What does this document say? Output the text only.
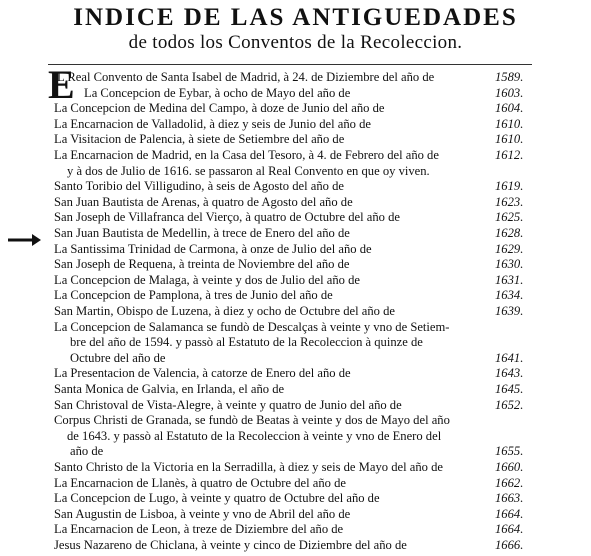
INDICE DE LAS ANTIGUEDADES
de todos los Conventos de la Recoleccion.
E
L Real Convento de Santa Isabel de Madrid, à 24. de Diziembre del año de
La Concepcion de Eybar, à ocho de Mayo del año de
La Concepcion de Medina del Campo, à doze de Junio del año de
La Encarnacion de Valladolid, à diez y seis de Junio del año de
La Visitacion de Palencia, à siete de Setiembre del año de
La Encarnacion de Madrid, en la Casa del Tesoro, à 4. de Febrero del año de
y à dos de Julio de 1616. se passaron al Real Convento en que oy viven.
Santo Toribio del Villigudino, à seis de Agosto del año de
San Juan Bautista de Arenas, à quatro de Agosto del año de
San Joseph de Villafranca del Vierço, à quatro de Octubre del año de
San Juan Bautista de Medellin, à trece de Enero del año de
La Santissima Trinidad de Carmona, à onze de Julio del año de
San Joseph de Requena, à treinta de Noviembre del año de
La Concepcion de Malaga, à veinte y dos de Julio del año de
La Concepcion de Pamplona, à tres de Junio del año de
San Martin, Obispo de Luzena, à diez y ocho de Octubre del año de
La Concepcion de Salamanca se fundò de Descalças à veinte y vno de Setiem-
bre del año de 1594. y passò al Estatuto de la Recoleccion à quinze de
Octubre del año de
La Presentacion de Valencia, à catorze de Enero del año de
Santa Monica de Galvia, en Irlanda, el año de
San Christoval de Vista-Alegre, à veinte y quatro de Junio del año de
Corpus Christi de Granada, se fundò de Beatas à veinte y dos de Mayo del año
de 1643. y passò al Estatuto de la Recoleccion à veinte y vno de Enero del
año de
Santo Christo de la Victoria en la Serradilla, à diez y seis de Mayo del año de
La Encarnacion de Llanès, à quatro de Octubre del año de
La Concepcion de Lugo, à veinte y quatro de Octubre del año de
San Augustin de Lisboa, à veinte y vno de Abril del año de
La Encarnacion de Leon, à treze de Diziembre del año de
Jesus Nazareno de Chiclana, à veinte y cinco de Diziembre del año de
1589.
1603.
1604.
1610.
1610.
1612.
1619.
1623.
1625.
1628.
1629.
1630.
1631.
1634.
1639.
1641.
1643.
1645.
1652.
1655.
1660.
1662.
1663.
1664.
1664.
1666.
